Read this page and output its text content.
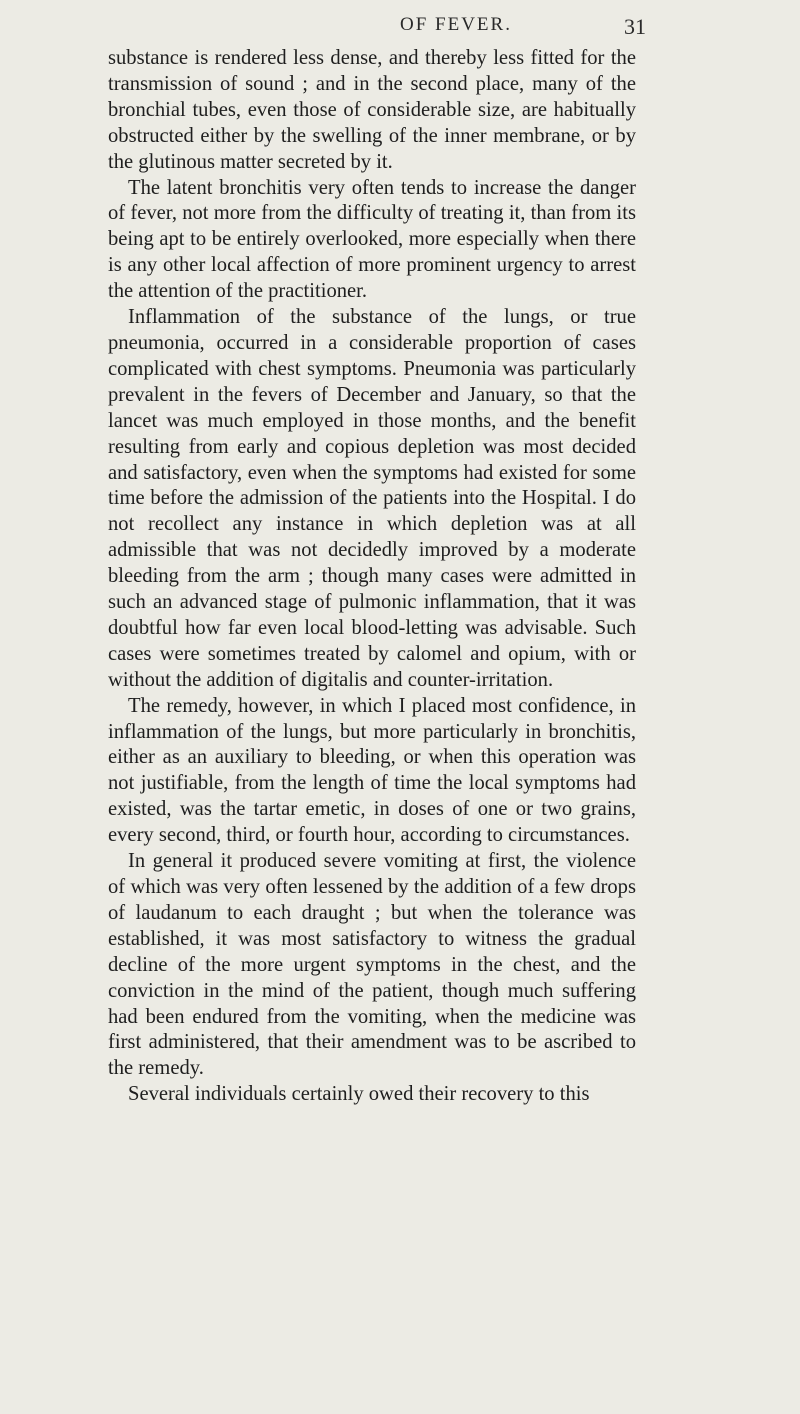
OF FEVER.	31

substance is rendered less dense, and thereby less fitted for the transmission of sound ; and in the second place, many of the bronchial tubes, even those of considerable size, are habitually obstructed either by the swelling of the inner membrane, or by the glutinous matter secreted by it.

The latent bronchitis very often tends to increase the danger of fever, not more from the difficulty of treating it, than from its being apt to be entirely overlooked, more especially when there is any other local affection of more prominent urgency to arrest the attention of the practitioner.

Inflammation of the substance of the lungs, or true pneumonia, occurred in a considerable proportion of cases complicated with chest symptoms. Pneumonia was particularly prevalent in the fevers of December and January, so that the lancet was much employed in those months, and the benefit resulting from early and copious depletion was most decided and satisfactory, even when the symptoms had existed for some time before the admission of the patients into the Hospital. I do not recollect any instance in which depletion was at all admissible that was not decidedly improved by a moderate bleeding from the arm ; though many cases were admitted in such an advanced stage of pulmonic inflammation, that it was doubtful how far even local blood-letting was advisable. Such cases were sometimes treated by calomel and opium, with or without the addition of digitalis and counter-irritation.

The remedy, however, in which I placed most confidence, in inflammation of the lungs, but more particularly in bronchitis, either as an auxiliary to bleeding, or when this operation was not justifiable, from the length of time the local symptoms had existed, was the tartar emetic, in doses of one or two grains, every second, third, or fourth hour, according to circumstances.

In general it produced severe vomiting at first, the violence of which was very often lessened by the addition of a few drops of laudanum to each draught ; but when the tolerance was established, it was most satisfactory to witness the gradual decline of the more urgent symptoms in the chest, and the conviction in the mind of the patient, though much suffering had been endured from the vomiting, when the medicine was first administered, that their amendment was to be ascribed to the remedy.

Several individuals certainly owed their recovery to this
